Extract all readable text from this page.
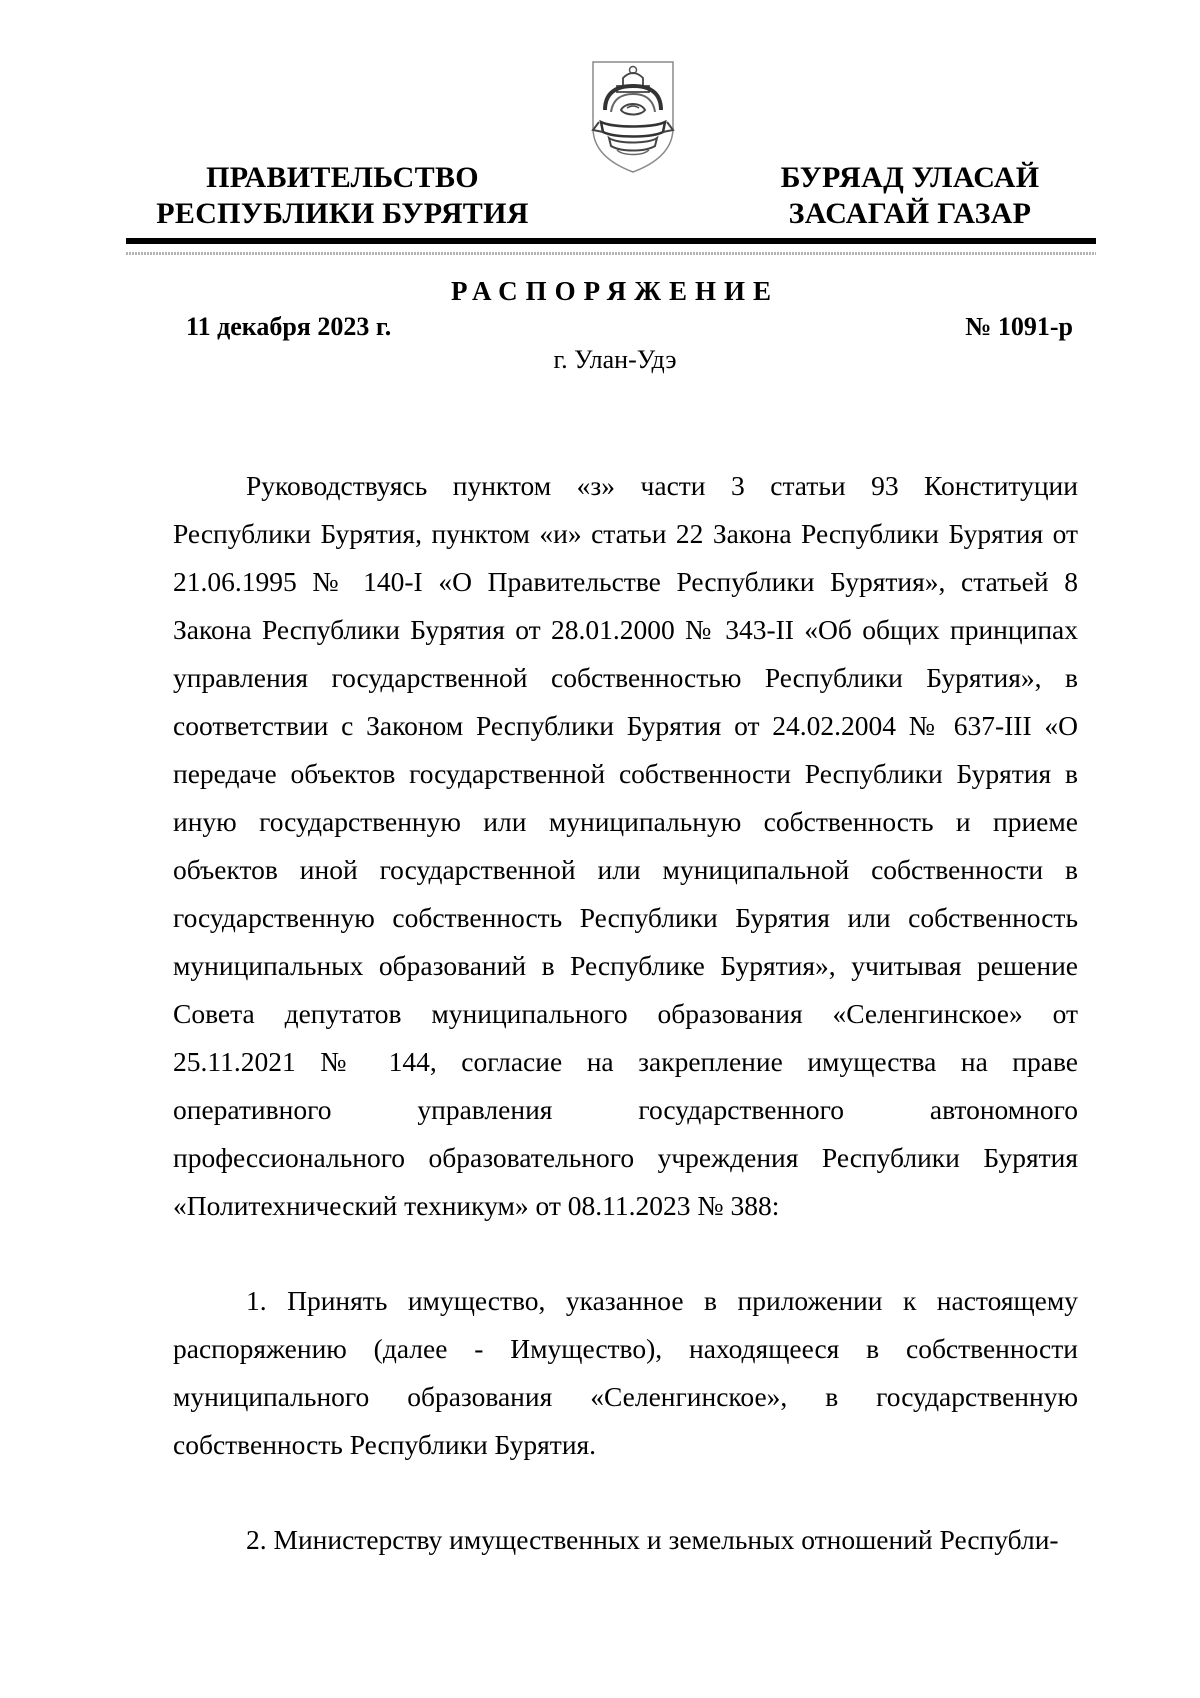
ПРАВИТЕЛЬСТВО
РЕСПУБЛИКИ БУРЯТИЯ
БУРЯАД УЛАСАЙ
ЗАСАГАЙ ГАЗАР
РАСПОРЯЖЕНИЕ
11 декабря 2023 г.	№ 1091-р
г. Улан-Удэ

Руководствуясь пунктом «з» части 3 статьи 93 Конституции Республики Бурятия, пунктом «и» статьи 22 Закона Республики Бурятия от 21.06.1995 № 140-I «О Правительстве Республики Бурятия», статьей 8 Закона Республики Бурятия от 28.01.2000 № 343-II «Об общих принципах управления государственной собственностью Республики Бурятия», в соответствии с Законом Республики Бурятия от 24.02.2004 № 637-III «О передаче объектов государственной собственности Республики Бурятия в иную государственную или муниципальную собственность и приеме объектов иной государственной или муниципальной собственности в государственную собственность Республики Бурятия или собственность муниципальных образований в Республике Бурятия», учитывая решение Совета депутатов муниципального образования «Селенгинское» от 25.11.2021 № 144, согласие на закрепление имущества на праве оперативного управления государственного автономного профессионального образовательного учреждения Республики Бурятия «Политехнический техникум» от 08.11.2023 № 388:

1. Принять имущество, указанное в приложении к настоящему распоряжению (далее - Имущество), находящееся в собственности муниципального образования «Селенгинское», в государственную собственность Республики Бурятия.

2. Министерству имущественных и земельных отношений Республи-
